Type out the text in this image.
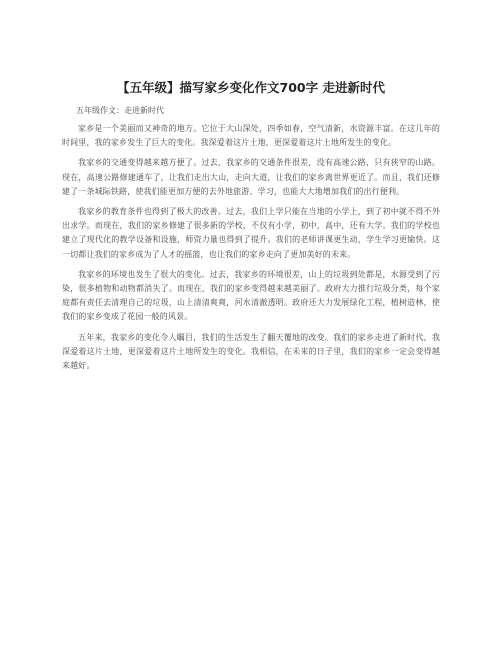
【五年级】描写家乡变化作文700字 走进新时代

五年级作文：走进新时代

家乡是一个美丽而又神奇的地方。它位于大山深处，四季如春，空气清新，水资源丰富。在这几年的时间里，我的家乡发生了巨大的变化。我深爱着这片土地，更深爱着这片土地所发生的变化。

我家乡的交通变得越来越方便了。过去，我家乡的交通条件很差，没有高速公路，只有狭窄的山路。现在，高速公路修建通车了，让我们走出大山，走向大道，让我们的家乡离世界更近了。而且，我们还修建了一条城际铁路，使我们能更加方便的去外地旅游、学习，也能大大地增加我们的出行便利。

我家乡的教育条件也得到了极大的改善。过去，我们上学只能在当地的小学上，到了初中就不得不外出求学。而现在，我们的家乡修建了很多新的学校，不仅有小学，初中，高中，还有大学。我们的学校也建立了现代化的教学设备和设施，师资力量也得到了提升。我们的老师讲课更生动，学生学习更愉快。这一切都让我们的家乡成为了人才的摇篮，也让我们的家乡走向了更加美好的未来。

我家乡的环境也发生了很大的变化。过去，我家乡的环境很差，山上的垃圾到处都是，水源受到了污染，很多植物和动物都消失了。而现在，我们的家乡变得越来越美丽了。政府大力推行垃圾分类，每个家庭都有责任去清理自己的垃圾，山上清清爽爽，河水清澈透明。政府还大力发展绿化工程，植树造林，使我们的家乡变成了花园一般的风景。

五年来，我家乡的变化令人瞩目，我们的生活发生了翻天覆地的改变。我们的家乡走进了新时代，我深爱着这片土地，更深爱着这片土地所发生的变化。我相信，在未来的日子里，我们的家乡一定会变得越来越好。
